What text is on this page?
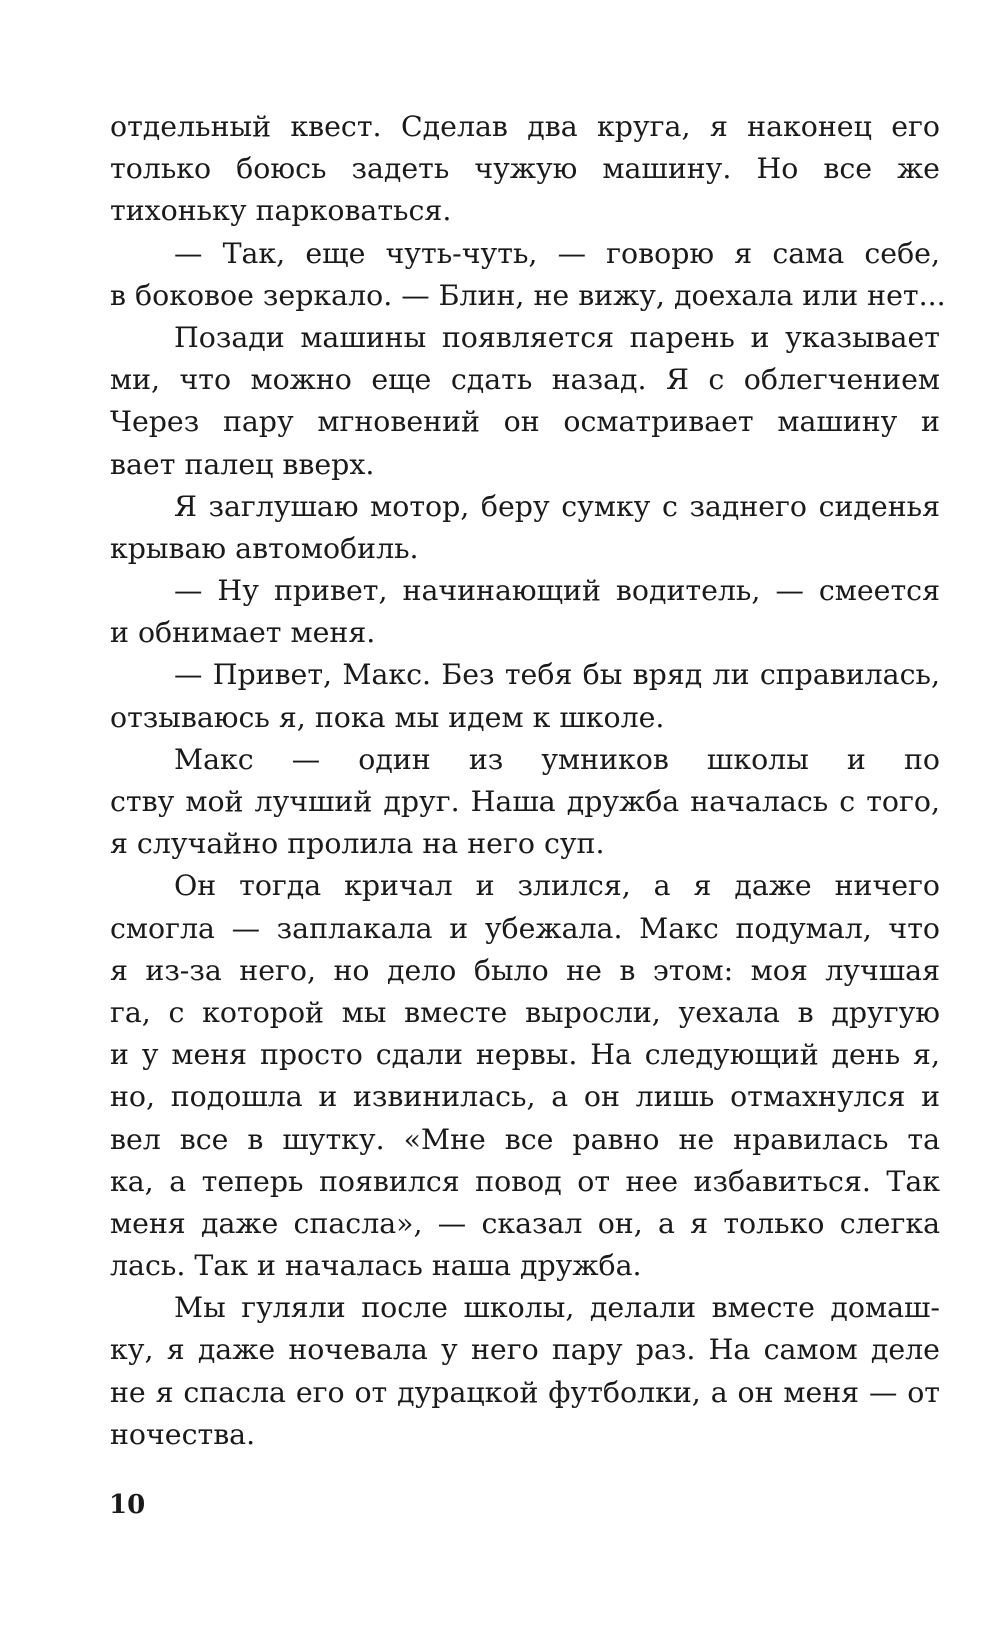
отдельный квест. Сделав два круга, я наконец его
только боюсь задеть чужую машину. Но все же
тихоньку парковаться.
— Так, еще чуть-чуть, — говорю я сама себе,
в боковое зеркало. — Блин, не вижу, доехала или нет...
Позади машины появляется парень и указывает
ми, что можно еще сдать назад. Я с облегчением
Через пару мгновений он осматривает машину и
вает палец вверх.
Я заглушаю мотор, беру сумку с заднего сиденья
крываю автомобиль.
— Ну привет, начинающий водитель, — смеется
и обнимает меня.
— Привет, Макс. Без тебя бы вряд ли справилась,
отзываюсь я, пока мы идем к школе.
Макс — один из умников школы и по
ству мой лучший друг. Наша дружба началась с того,
я случайно пролила на него суп.
Он тогда кричал и злился, а я даже ничего
смогла — заплакала и убежала. Макс подумал, что
я из-за него, но дело было не в этом: моя лучшая
га, с которой мы вместе выросли, уехала в другую
и у меня просто сдали нервы. На следующий день я,
но, подошла и извинилась, а он лишь отмахнулся и
вел все в шутку. «Мне все равно не нравилась та
ка, а теперь появился повод от нее избавиться. Так
меня даже спасла», — сказал он, а я только слегка
лась. Так и началась наша дружба.
Мы гуляли после школы, делали вместе домаш-
ку, я даже ночевала у него пару раз. На самом деле
не я спасла его от дурацкой футболки, а он меня — от
ночества.
10
